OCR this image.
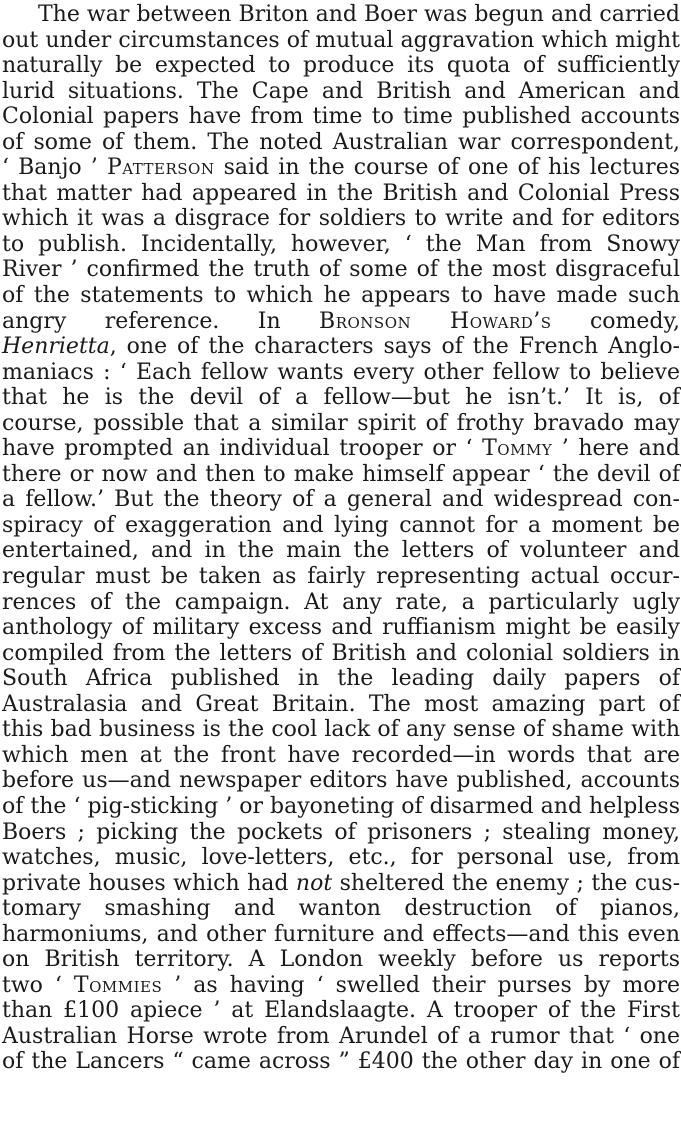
The war between Briton and Boer was begun and carried
out under circumstances of mutual aggravation which might
naturally be expected to produce its quota of sufficiently
lurid situations. The Cape and British and American and
Colonial papers have from time to time published accounts
of some of them. The noted Australian war correspondent,
‘ Banjo ’ Patterson said in the course of one of his lectures
that matter had appeared in the British and Colonial Press
which it was a disgrace for soldiers to write and for editors
to publish. Incidentally, however, ‘ the Man from Snowy
River ’ confirmed the truth of some of the most disgraceful
of the statements to which he appears to have made such
angry reference. In Bronson Howard’s comedy,
Henrietta, one of the characters says of the French Anglo-
maniacs : ‘ Each fellow wants every other fellow to believe
that he is the devil of a fellow—but he isn’t.’ It is, of
course, possible that a similar spirit of frothy bravado may
have prompted an individual trooper or ‘ Tommy ’ here and
there or now and then to make himself appear ‘ the devil of
a fellow.’ But the theory of a general and widespread con-
spiracy of exaggeration and lying cannot for a moment be
entertained, and in the main the letters of volunteer and
regular must be taken as fairly representing actual occur-
rences of the campaign. At any rate, a particularly ugly
anthology of military excess and ruffianism might be easily
compiled from the letters of British and colonial soldiers in
South Africa published in the leading daily papers of
Australasia and Great Britain. The most amazing part of
this bad business is the cool lack of any sense of shame with
which men at the front have recorded—in words that are
before us—and newspaper editors have published, accounts
of the ‘ pig-sticking ’ or bayoneting of disarmed and helpless
Boers ; picking the pockets of prisoners ; stealing money,
watches, music, love-letters, etc., for personal use, from
private houses which had not sheltered the enemy ; the cus-
tomary smashing and wanton destruction of pianos,
harmoniums, and other furniture and effects—and this even
on British territory. A London weekly before us reports
two ‘ Tommies ’ as having ‘ swelled their purses by more
than £100 apiece ’ at Elandslaagte. A trooper of the First
Australian Horse wrote from Arundel of a rumor that ‘ one
of the Lancers “ came across ” £400 the other day in one of
